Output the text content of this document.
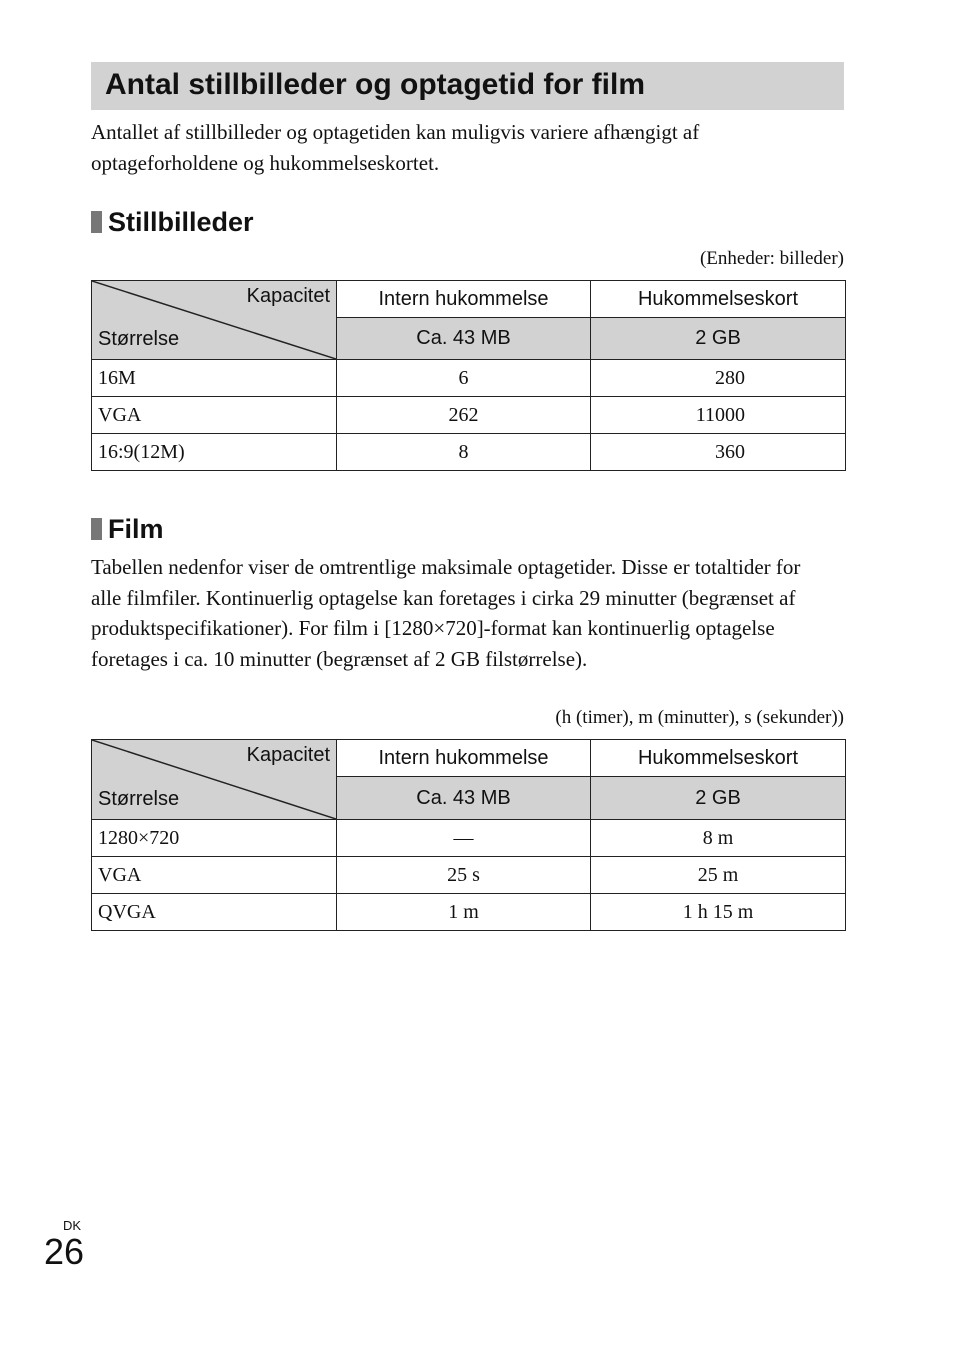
Antal stillbilleder og optagetid for film

Antallet af stillbilleder og optagetiden kan muligvis variere afhængigt af optageforholdene og hukommelseskortet.

Stillbilleder
(Enheder: billeder)
Kapacitet
Størrelse	Intern hukommelse	Hukommelseskort
	Ca. 43 MB	2 GB
16M	6	280
VGA	262	11000
16:9(12M)	8	360
Film

Tabellen nedenfor viser de omtrentlige maksimale optagetider. Disse er totaltider for alle filmfiler. Kontinuerlig optagelse kan foretages i cirka 29 minutter (begrænset af produktspecifikationer). For film i [1280×720]-format kan kontinuerlig optagelse foretages i ca. 10 minutter (begrænset af 2 GB filstørrelse).

(h (timer), m (minutter), s (sekunder))
Kapacitet
Størrelse	Intern hukommelse	Hukommelseskort
	Ca. 43 MB	2 GB
1280×720	—	8 m
VGA	25 s	25 m
QVGA	1 m	1 h 15 m
DK
26
